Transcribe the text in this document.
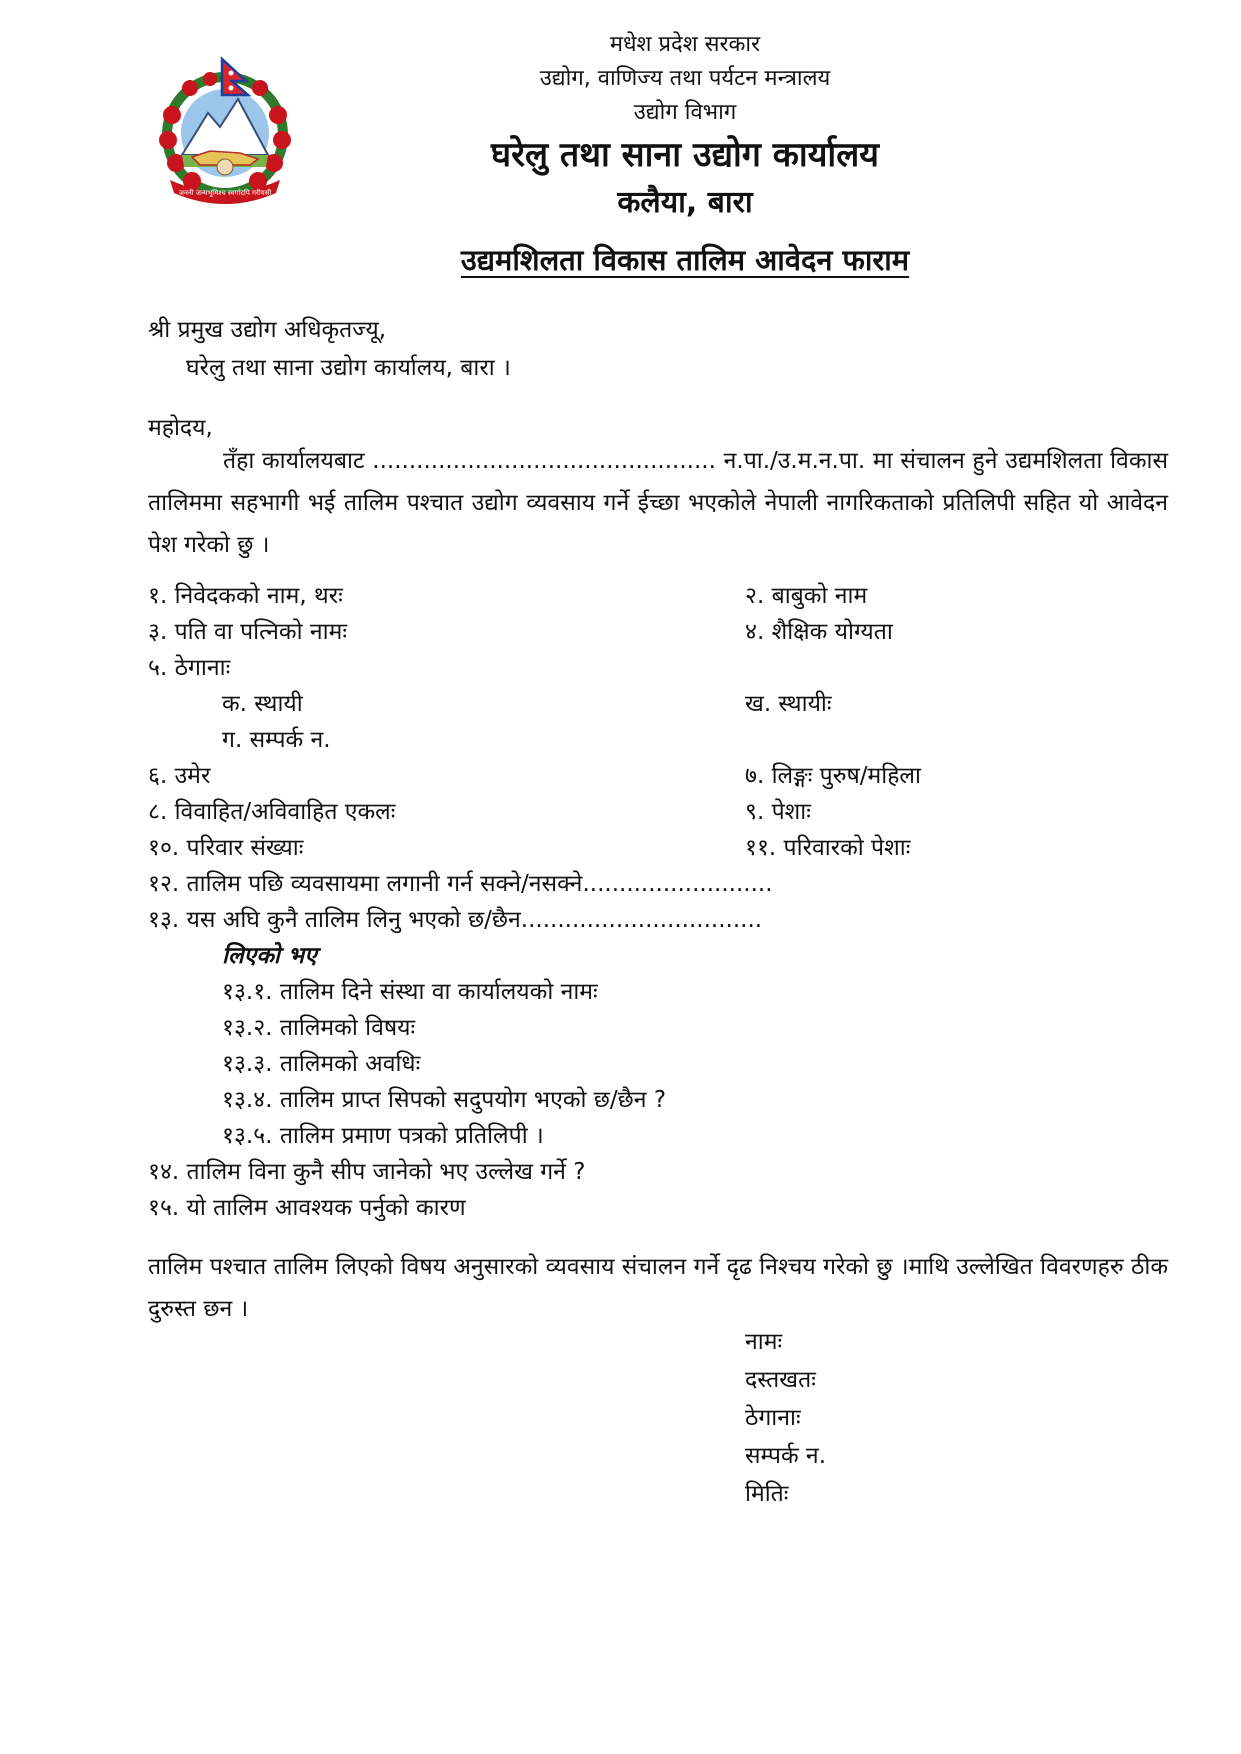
जननी जन्मभूमिश्च स्वर्गादपि गरीयसी
मधेश प्रदेश सरकार
उद्योग, वाणिज्य तथा पर्यटन मन्त्रालय
उद्योग विभाग
घरेलु तथा साना उद्योग कार्यालय
कलैया, बारा
उद्यमशिलता विकास तालिम आवेदन फाराम
श्री प्रमुख उद्योग अधिकृतज्यू,
घरेलु तथा साना उद्योग कार्यालय, बारा ।
महोदय,
तँहा कार्यालयबाट ............................................... न.पा./उ.म.न.पा. मा संचालन हुने उद्यमशिलता विकास तालिममा सहभागी भई तालिम पश्चात उद्योग व्यवसाय गर्ने ईच्छा भएकोले नेपाली नागरिकताको प्रतिलिपी सहित यो आवेदन पेश गरेको छु ।
१. निवेदकको नाम, थरः	२. बाबुको नाम
३. पति वा पत्निको नामः	४. शैक्षिक योग्यता
५. ठेगानाः
क. स्थायी	ख. स्थायीः
ग. सम्पर्क न.
६. उमेर	७. लिङ्गः पुरुष/महिला
८. विवाहित/अविवाहित एकलः	९. पेशाः
१०. परिवार संख्याः	११. परिवारको पेशाः
१२. तालिम पछि व्यवसायमा लगानी गर्न सक्ने/नसक्ने..........................
१३. यस अघि कुनै तालिम लिनु भएको छ/छैन.................................
लिएको भए
१३.१. तालिम दिने संस्था वा कार्यालयको नामः
१३.२. तालिमको विषयः
१३.३. तालिमको अवधिः
१३.४. तालिम प्राप्त सिपको सदुपयोग भएको छ/छैन ?
१३.५. तालिम प्रमाण पत्रको प्रतिलिपी ।
१४. तालिम विना कुनै सीप जानेको भए उल्लेख गर्ने ?
१५. यो तालिम आवश्यक पर्नुको कारण
तालिम पश्चात तालिम लिएको विषय अनुसारको व्यवसाय संचालन गर्ने दृढ निश्चय गरेको छु ।माथि उल्लेखित विवरणहरु ठीक दुरुस्त छन ।
नामः
दस्तखतः
ठेगानाः
सम्पर्क न.
मितिः
